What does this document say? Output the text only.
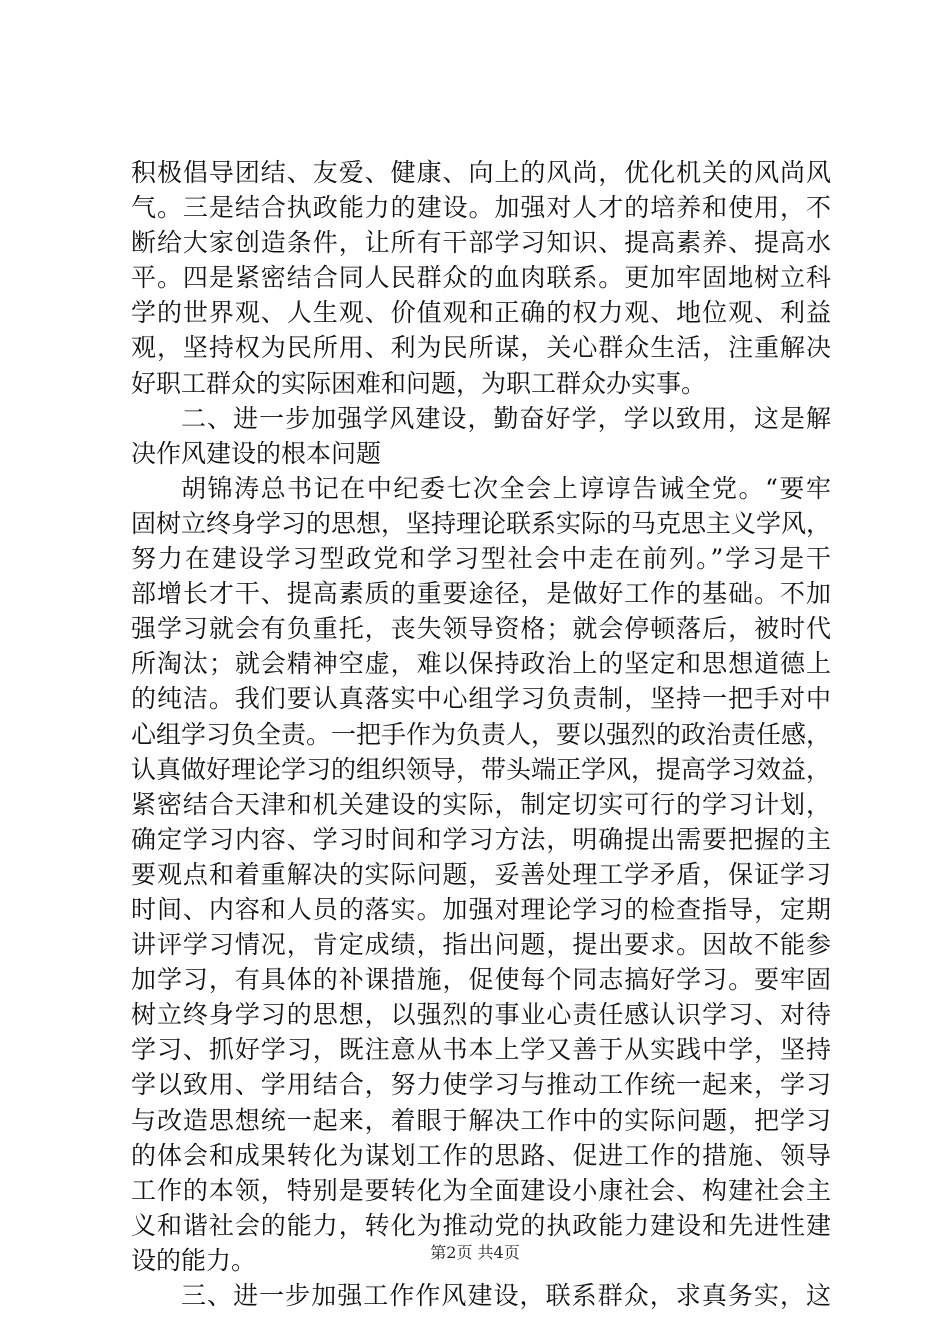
积极倡导团结、友爱、健康、向上的风尚，优化机关的风尚风
气。三是结合执政能力的建设。加强对人才的培养和使用，不
断给大家创造条件，让所有干部学习知识、提高素养、提高水
平。四是紧密结合同人民群众的血肉联系。更加牢固地树立科
学的世界观、人生观、价值观和正确的权力观、地位观、利益
观，坚持权为民所用、利为民所谋，关心群众生活，注重解决
好职工群众的实际困难和问题，为职工群众办实事。
二、进一步加强学风建设，勤奋好学，学以致用，这是解
决作风建设的根本问题
胡锦涛总书记在中纪委七次全会上谆谆告诫全党。“要牢
固树立终身学习的思想，坚持理论联系实际的马克思主义学风，
努力在建设学习型政党和学习型社会中走在前列。”学习是干
部增长才干、提高素质的重要途径，是做好工作的基础。不加
强学习就会有负重托，丧失领导资格；就会停顿落后，被时代
所淘汰；就会精神空虚，难以保持政治上的坚定和思想道德上
的纯洁。我们要认真落实中心组学习负责制，坚持一把手对中
心组学习负全责。一把手作为负责人，要以强烈的政治责任感，
认真做好理论学习的组织领导，带头端正学风，提高学习效益，
紧密结合天津和机关建设的实际，制定切实可行的学习计划，
确定学习内容、学习时间和学习方法，明确提出需要把握的主
要观点和着重解决的实际问题，妥善处理工学矛盾，保证学习
时间、内容和人员的落实。加强对理论学习的检查指导，定期
讲评学习情况，肯定成绩，指出问题，提出要求。因故不能参
加学习，有具体的补课措施，促使每个同志搞好学习。要牢固
树立终身学习的思想，以强烈的事业心责任感认识学习、对待
学习、抓好学习，既注意从书本上学又善于从实践中学，坚持
学以致用、学用结合，努力使学习与推动工作统一起来，学习
与改造思想统一起来，着眼于解决工作中的实际问题，把学习
的体会和成果转化为谋划工作的思路、促进工作的措施、领导
工作的本领，特别是要转化为全面建设小康社会、构建社会主
义和谐社会的能力，转化为推动党的执政能力建设和先进性建
设的能力。
三、进一步加强工作作风建设，联系群众，求真务实，这
第2页 共4页
